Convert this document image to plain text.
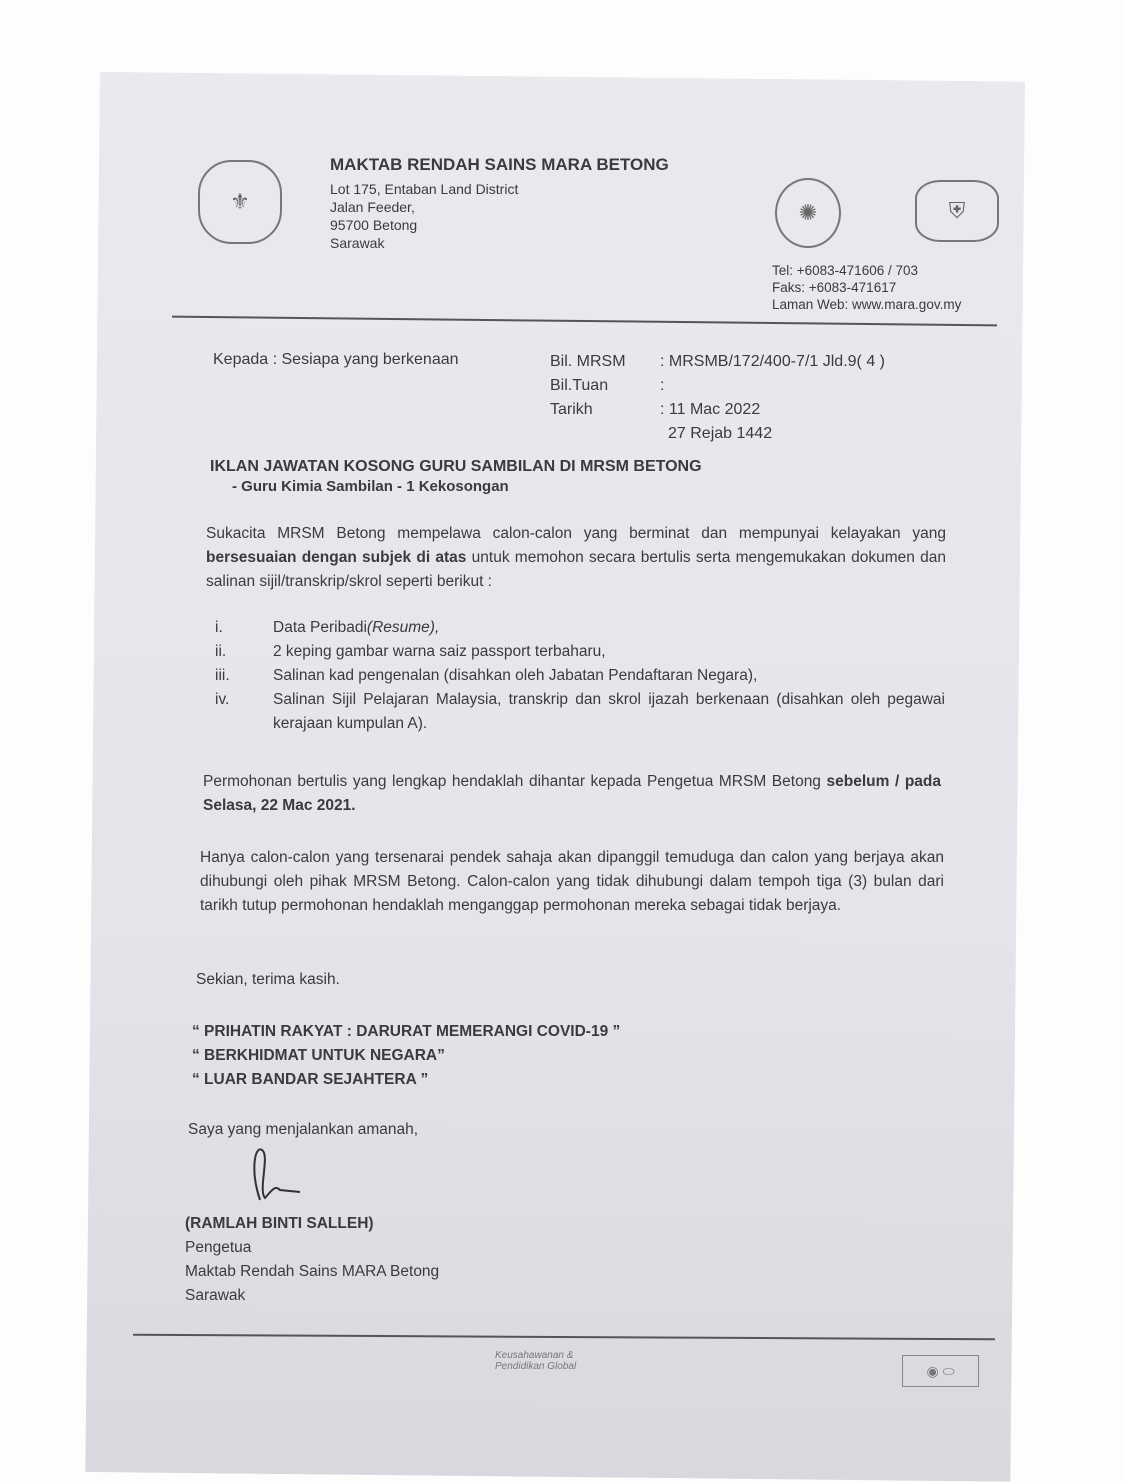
⚜
MAKTAB RENDAH SAINS MARA BETONG
Lot 175, Entaban Land District
Jalan Feeder,
95700 Betong
Sarawak
✺	⛨
Tel: +6083-471606 / 703
Faks: +6083-471617
Laman Web: www.mara.gov.my
Kepada : Sesiapa yang berkenaan	Bil. MRSM	: MRSMB/172/400-7/1 Jld.9( 4 )
Bil.Tuan	:
Tarikh	: 11 Mac 2022
27 Rejab 1442
IKLAN JAWATAN KOSONG GURU SAMBILAN DI MRSM BETONG
- Guru Kimia Sambilan - 1 Kekosongan
Sukacita MRSM Betong mempelawa calon-calon yang berminat dan mempunyai kelayakan yang bersesuaian dengan subjek di atas untuk memohon secara bertulis serta mengemukakan dokumen dan salinan sijil/transkrip/skrol seperti berikut :
i.	Data Peribadi(Resume),
ii.	2 keping gambar warna saiz passport terbaharu,
iii.	Salinan kad pengenalan (disahkan oleh Jabatan Pendaftaran Negara),
iv.	Salinan Sijil Pelajaran Malaysia, transkrip dan skrol ijazah berkenaan (disahkan oleh pegawai kerajaan kumpulan A).
Permohonan bertulis yang lengkap hendaklah dihantar kepada Pengetua MRSM Betong sebelum / pada Selasa, 22 Mac 2021.
Hanya calon-calon yang tersenarai pendek sahaja akan dipanggil temuduga dan calon yang berjaya akan dihubungi oleh pihak MRSM Betong. Calon-calon yang tidak dihubungi dalam tempoh tiga (3) bulan dari tarikh tutup permohonan hendaklah menganggap permohonan mereka sebagai tidak berjaya.
Sekian, terima kasih.
“ PRIHATIN RAKYAT : DARURAT MEMERANGI COVID-19 ”
“ BERKHIDMAT UNTUK NEGARA”
“ LUAR BANDAR SEJAHTERA ”
Saya yang menjalankan amanah,
(RAMLAH BINTI SALLEH)
Pengetua
Maktab Rendah Sains MARA Betong
Sarawak
Keusahawanan & Pendidikan Global	◉ ⬭
